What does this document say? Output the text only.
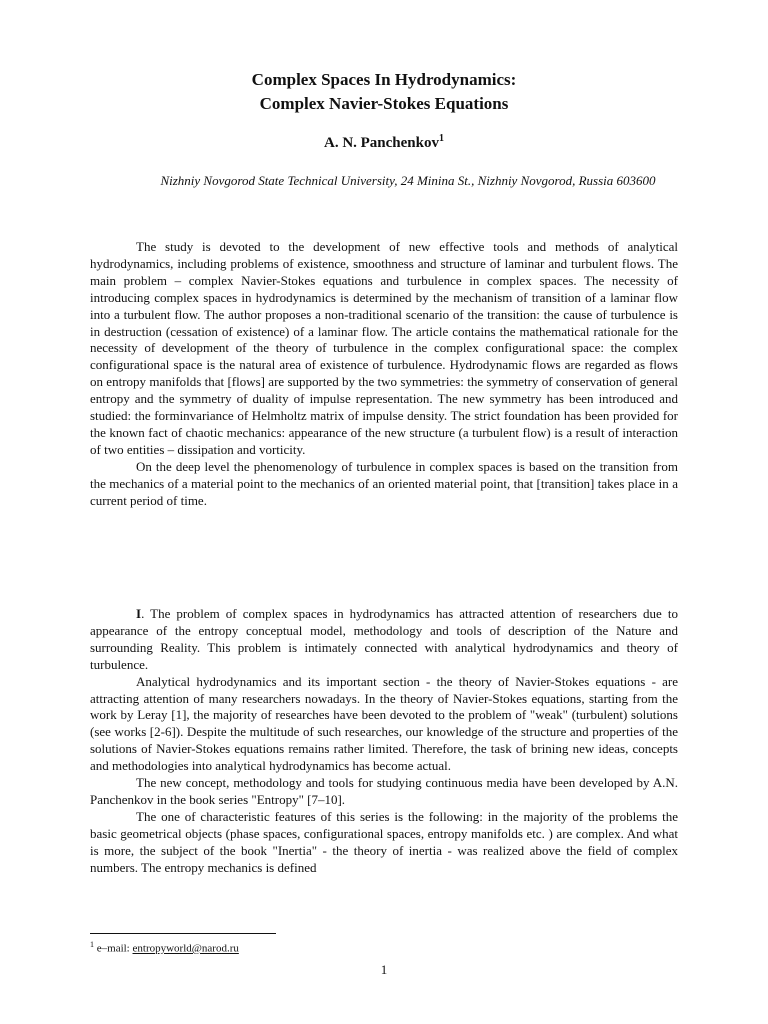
Complex Spaces In Hydrodynamics:
Complex Navier-Stokes Equations
A. N. Panchenkov$^1$
Nizhniy Novgorod State Technical University, 24 Minina St., Nizhniy Novgorod, Russia 603600

The study is devoted to the development of new effective tools and methods of analytical hydrodynamics, including problems of existence, smoothness and structure of laminar and turbulent flows. The main problem – complex Navier-Stokes equations and turbulence in complex spaces. The necessity of introducing complex spaces in hydrodynamics is determined by the mechanism of transition of a laminar flow into a turbulent flow. The author proposes a non-traditional scenario of the transition: the cause of turbulence is in destruction (cessation of existence) of a laminar flow. The article contains the mathematical rationale for the necessity of development of the theory of turbulence in the complex configurational space: the complex configurational space is the natural area of existence of turbulence. Hydrodynamic flows are regarded as flows on entropy manifolds that [flows] are supported by the two symmetries: the symmetry of conservation of general entropy and the symmetry of duality of impulse representation. The new symmetry has been introduced and studied: the forminvariance of Helmholtz matrix of impulse density. The strict foundation has been provided for the known fact of chaotic mechanics: appearance of the new structure (a turbulent flow) is a result of interaction of two entities – dissipation and vorticity.

On the deep level the phenomenology of turbulence in complex spaces is based on the transition from the mechanics of a material point to the mechanics of an oriented material point, that [transition] takes place in a current period of time.

I. The problem of complex spaces in hydrodynamics has attracted attention of researchers due to appearance of the entropy conceptual model, methodology and tools of description of the Nature and surrounding Reality. This problem is intimately connected with analytical hydrodynamics and theory of turbulence.

Analytical hydrodynamics and its important section - the theory of Navier-Stokes equations - are attracting attention of many researchers nowadays. In the theory of Navier-Stokes equations, starting from the work by Leray [1], the majority of researches have been devoted to the problem of "weak" (turbulent) solutions (see works [2-6]). Despite the multitude of such researches, our knowledge of the structure and properties of the solutions of Navier-Stokes equations remains rather limited. Therefore, the task of brining new ideas, concepts and methodologies into analytical hydrodynamics has become actual.

The new concept, methodology and tools for studying continuous media have been developed by A.N. Panchenkov in the book series "Entropy" [7–10].

The one of characteristic features of this series is the following: in the majority of the problems the basic geometrical objects (phase spaces, configurational spaces, entropy manifolds etc. ) are complex. And what is more, the subject of the book "Inertia" - the theory of inertia - was realized above the field of complex numbers. The entropy mechanics is defined

$^1$ e–mail: entropyworld@narod.ru
1
